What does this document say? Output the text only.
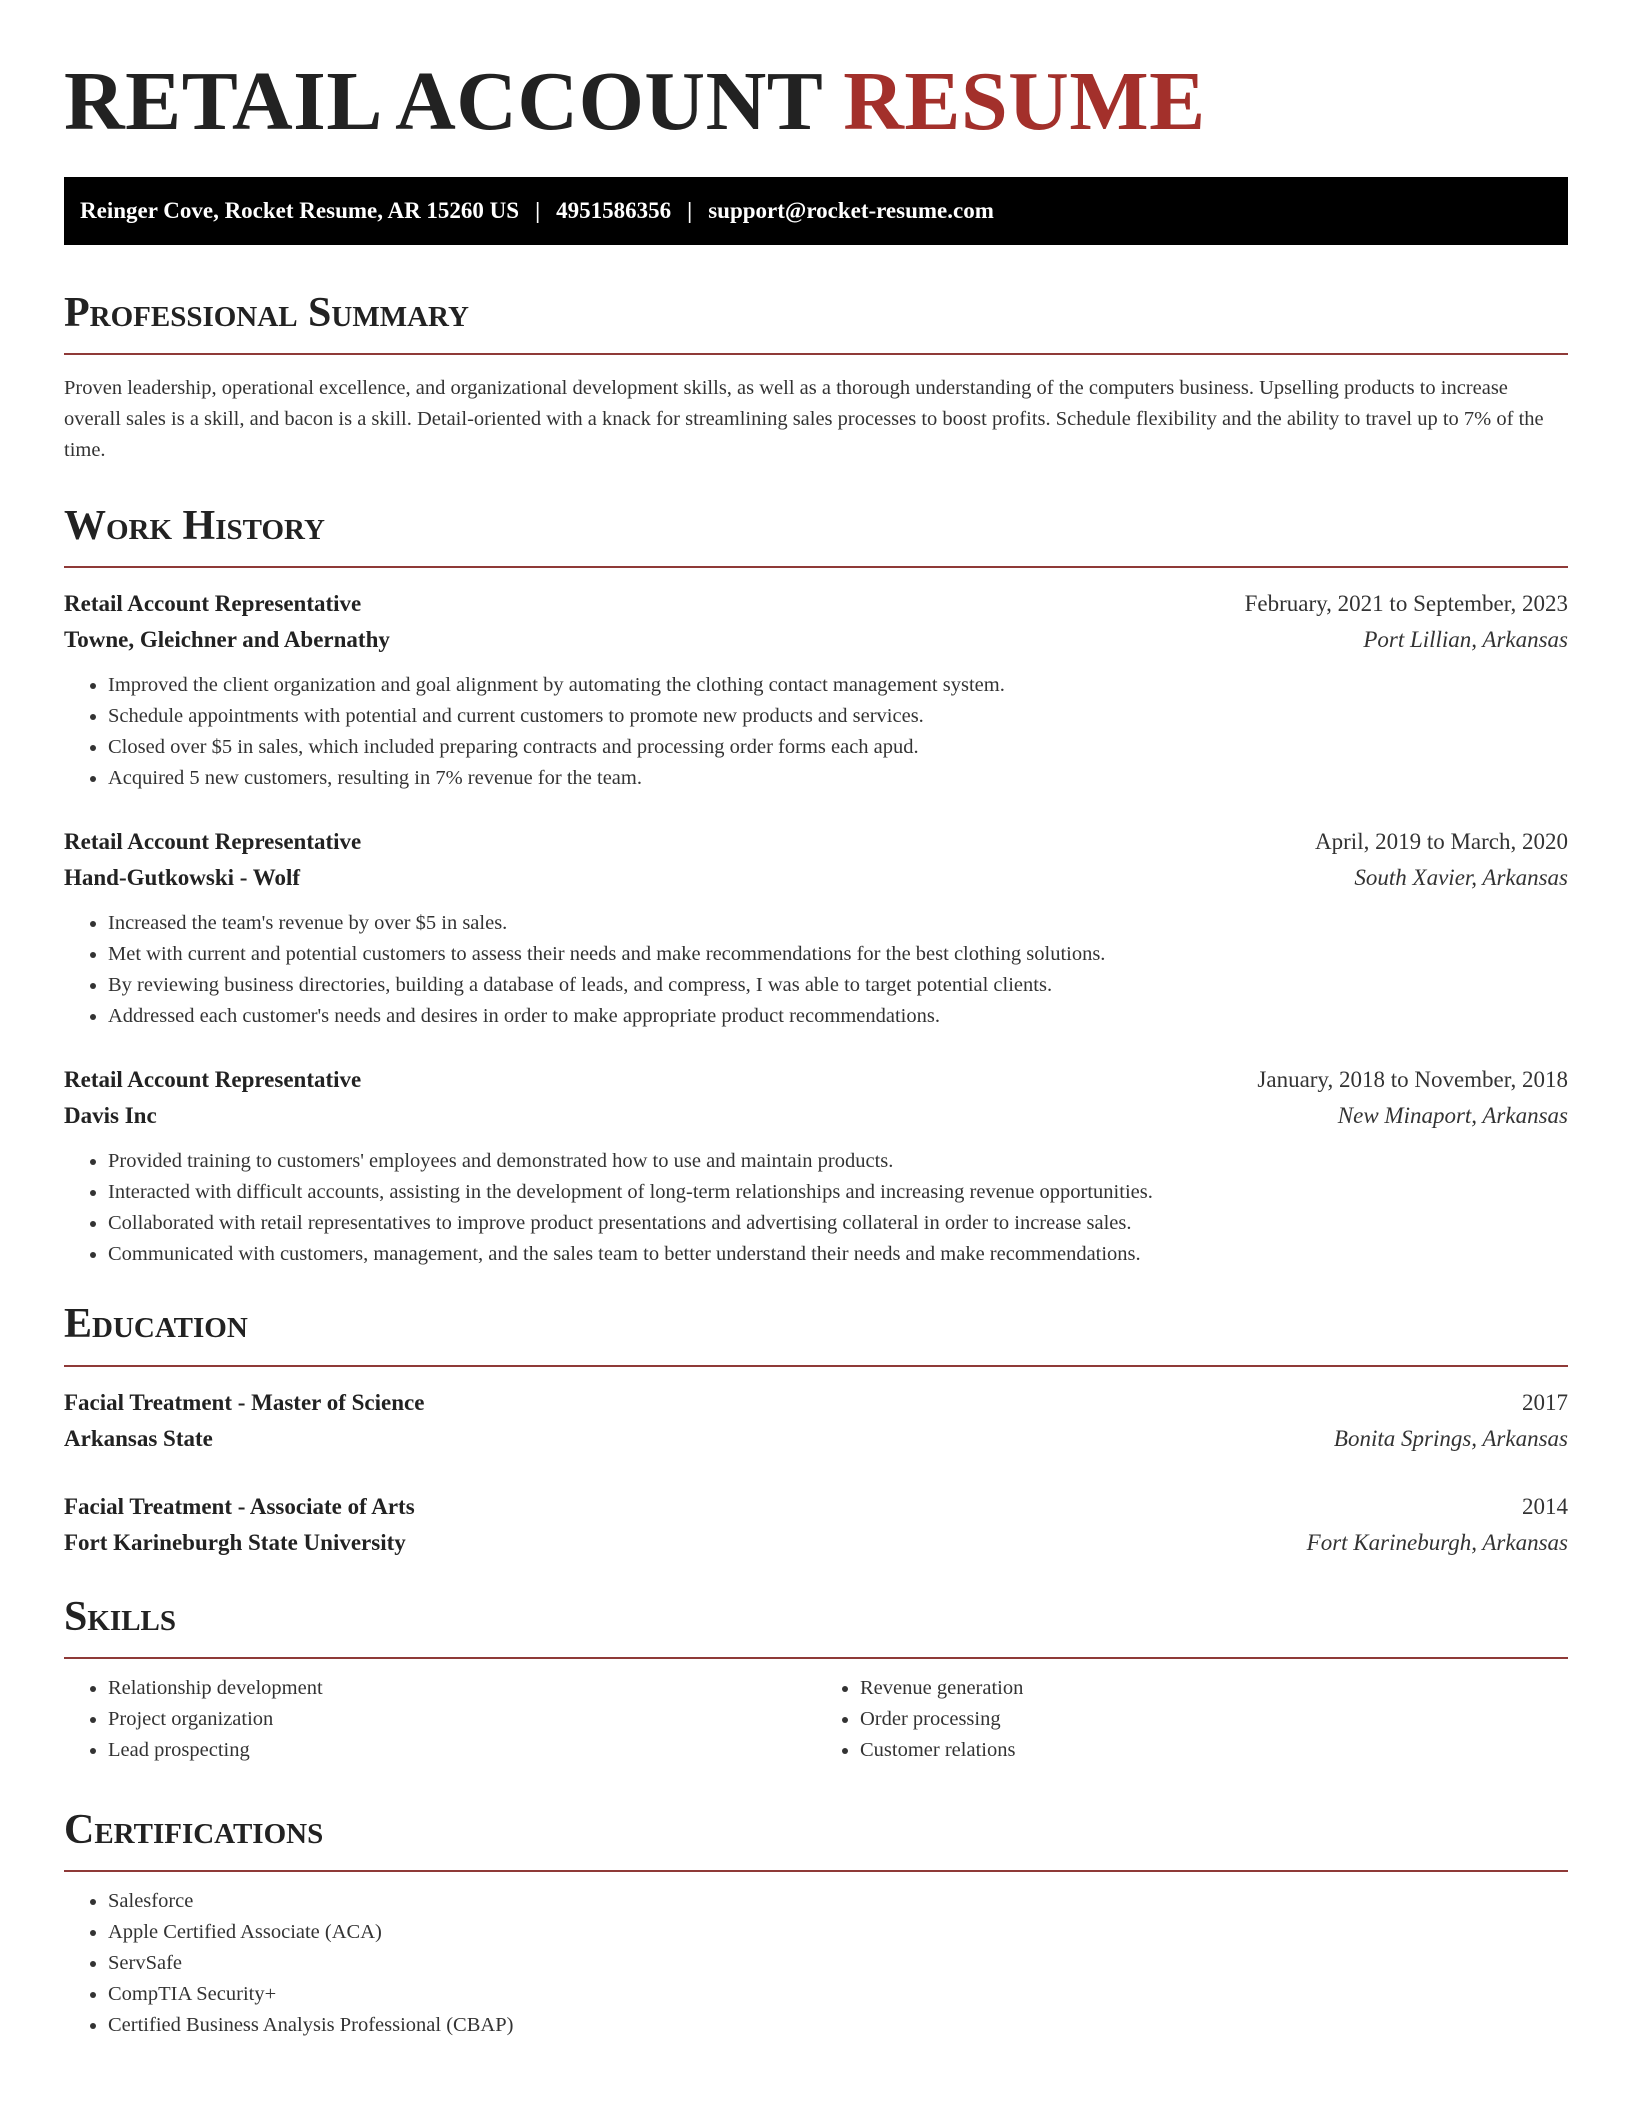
RETAIL ACCOUNT RESUME
Reinger Cove, Rocket Resume, AR 15260 US | 4951586356 | support@rocket-resume.com
Professional Summary

Proven leadership, operational excellence, and organizational development skills, as well as a thorough understanding of the computers business. Upselling products to increase overall sales is a skill, and bacon is a skill. Detail-oriented with a knack for streamlining sales processes to boost profits. Schedule flexibility and the ability to travel up to 7% of the time.

Work History
Retail Account Representative	February, 2021 to September, 2023
Towne, Gleichner and Abernathy	Port Lillian, Arkansas
• Improved the client organization and goal alignment by automating the clothing contact management system.
• Schedule appointments with potential and current customers to promote new products and services.
• Closed over $5 in sales, which included preparing contracts and processing order forms each apud.
• Acquired 5 new customers, resulting in 7% revenue for the team.
Retail Account Representative	April, 2019 to March, 2020
Hand-Gutkowski - Wolf	South Xavier, Arkansas
• Increased the team's revenue by over $5 in sales.
• Met with current and potential customers to assess their needs and make recommendations for the best clothing solutions.
• By reviewing business directories, building a database of leads, and compress, I was able to target potential clients.
• Addressed each customer's needs and desires in order to make appropriate product recommendations.
Retail Account Representative	January, 2018 to November, 2018
Davis Inc	New Minaport, Arkansas
• Provided training to customers' employees and demonstrated how to use and maintain products.
• Interacted with difficult accounts, assisting in the development of long-term relationships and increasing revenue opportunities.
• Collaborated with retail representatives to improve product presentations and advertising collateral in order to increase sales.
• Communicated with customers, management, and the sales team to better understand their needs and make recommendations.
Education
Facial Treatment - Master of Science	2017
Arkansas State	Bonita Springs, Arkansas
Facial Treatment - Associate of Arts	2014
Fort Karineburgh State University	Fort Karineburgh, Arkansas
Skills
• Relationship development
• Project organization
• Lead prospecting
• Revenue generation
• Order processing
• Customer relations
Certifications
• Salesforce
• Apple Certified Associate (ACA)
• ServSafe
• CompTIA Security+
• Certified Business Analysis Professional (CBAP)
